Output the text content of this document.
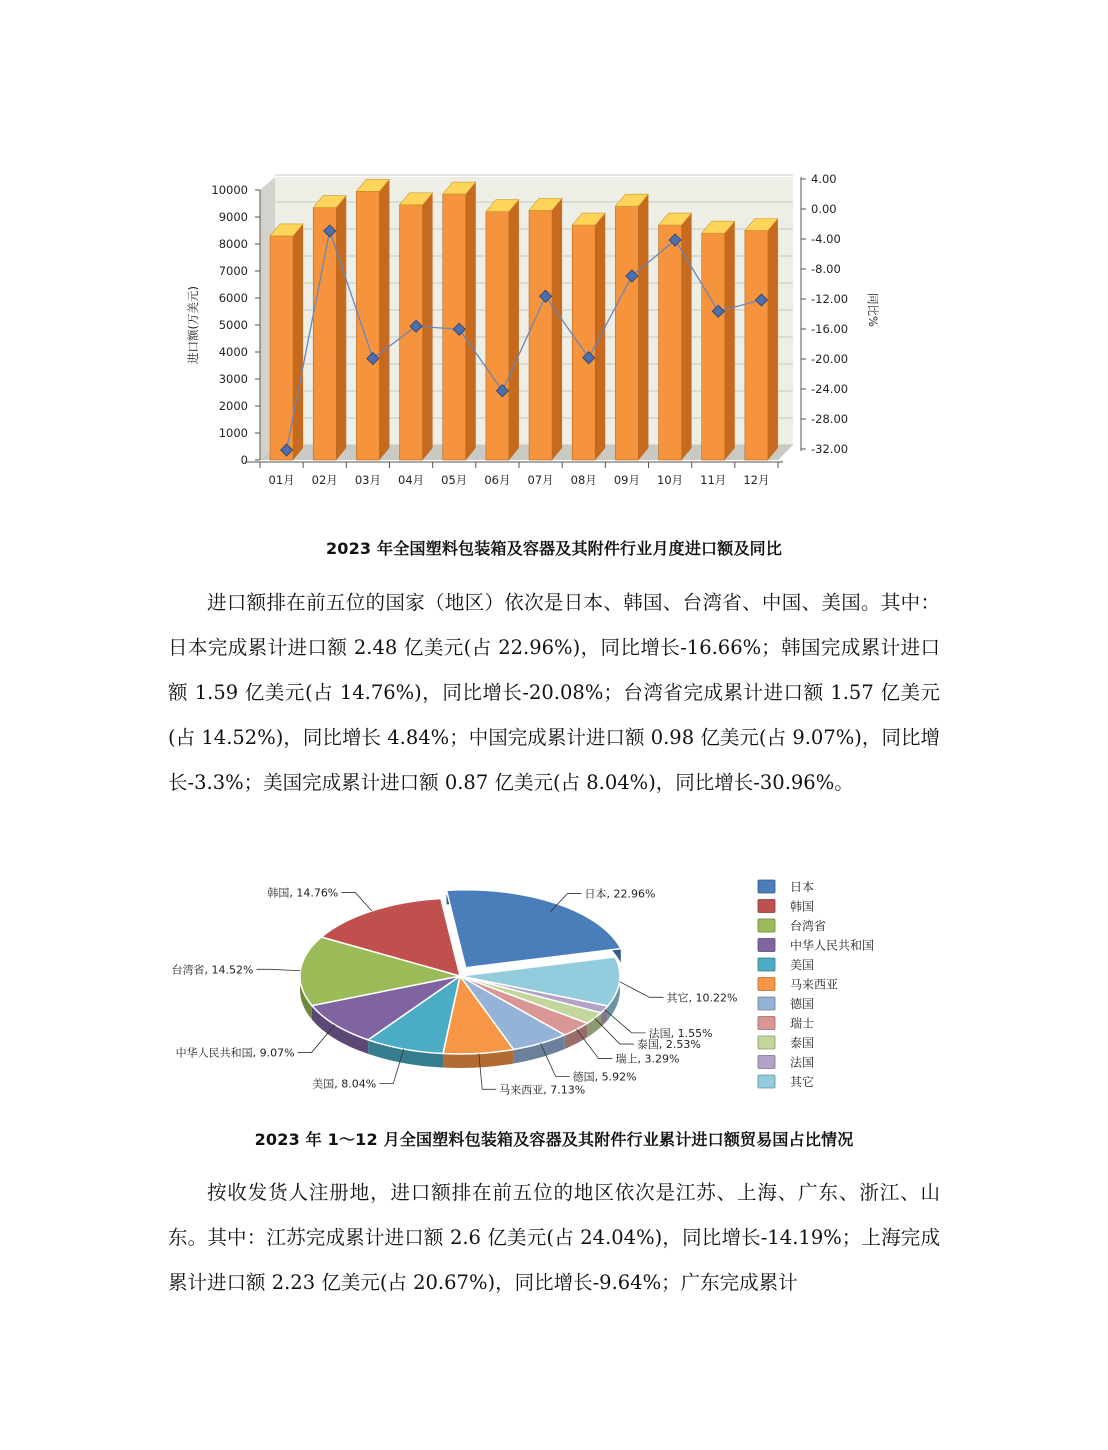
0
1000
2000
3000
4000
5000
6000
7000
8000
9000
10000
进口额(万美元)
-32.00
-28.00
-24.00
-20.00
-16.00
-12.00
-8.00
-4.00
0.00
4.00
同比%
01月 02月 03月 04月 05月 06月 07月 08月 09月 10月 11月 12月
2023 年全国塑料包装箱及容器及其附件行业月度进口额及同比

进口额排在前五位的国家（地区）依次是日本、韩国、台湾省、中国、美国。其中：日本完成累计进口额 2.48 亿美元(占 22.96%)，同比增长-16.66%；韩国完成累计进口额 1.59 亿美元(占 14.76%)，同比增长-20.08%；台湾省完成累计进口额 1.57 亿美元(占 14.52%)，同比增长 4.84%；中国完成累计进口额 0.98 亿美元(占 9.07%)，同比增长-3.3%；美国完成累计进口额 0.87 亿美元(占 8.04%)，同比增长-30.96%。

日本, 22.96%
其它, 10.22%
法国, 1.55%
泰国, 2.53%
瑞上, 3.29%
德国, 5.92%
马来西亚, 7.13%
美国, 8.04%
中华人民共和国, 9.07%
台湾省, 14.52%
韩国, 14.76%	日本
韩国
台湾省
中华人民共和国
美国
马来西亚
德国
瑞士
泰国
法国
其它
2023 年 1～12 月全国塑料包装箱及容器及其附件行业累计进口额贸易国占比情况

按收发货人注册地，进口额排在前五位的地区依次是江苏、上海、广东、浙江、山东。其中：江苏完成累计进口额 2.6 亿美元(占 24.04%)，同比增长-14.19%；上海完成累计进口额 2.23 亿美元(占 20.67%)，同比增长-9.64%；广东完成累计
